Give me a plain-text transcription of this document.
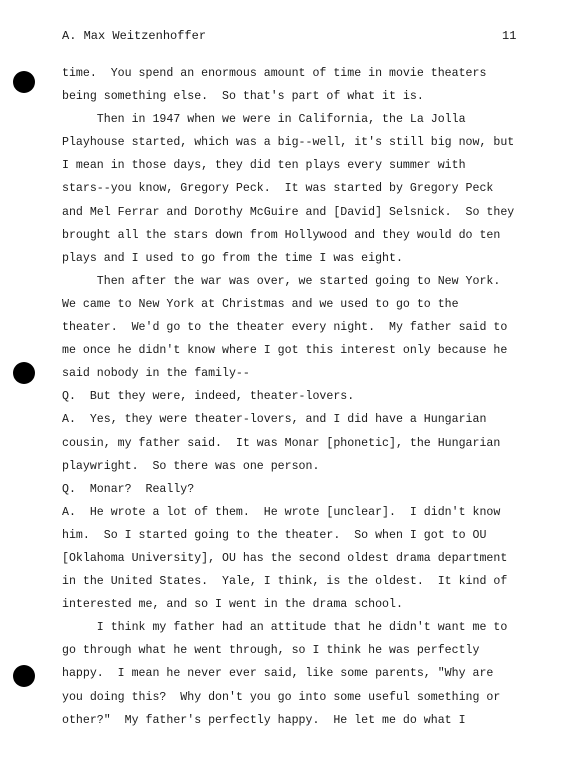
A. Max Weitzenhoffer	11
time.  You spend an enormous amount of time in movie theaters
being something else.  So that's part of what it is.
Then in 1947 when we were in California, the La Jolla
Playhouse started, which was a big--well, it's still big now, but
I mean in those days, they did ten plays every summer with
stars--you know, Gregory Peck.  It was started by Gregory Peck
and Mel Ferrar and Dorothy McGuire and [David] Selsnick.  So they
brought all the stars down from Hollywood and they would do ten
plays and I used to go from the time I was eight.
Then after the war was over, we started going to New York.
We came to New York at Christmas and we used to go to the
theater.  We'd go to the theater every night.  My father said to
me once he didn't know where I got this interest only because he
said nobody in the family--
Q.  But they were, indeed, theater-lovers.
A.  Yes, they were theater-lovers, and I did have a Hungarian
cousin, my father said.  It was Monar [phonetic], the Hungarian
playwright.  So there was one person.
Q.  Monar?  Really?
A.  He wrote a lot of them.  He wrote [unclear].  I didn't know
him.  So I started going to the theater.  So when I got to OU
[Oklahoma University], OU has the second oldest drama department
in the United States.  Yale, I think, is the oldest.  It kind of
interested me, and so I went in the drama school.
I think my father had an attitude that he didn't want me to
go through what he went through, so I think he was perfectly
happy.  I mean he never ever said, like some parents, "Why are
you doing this?  Why don't you go into some useful something or
other?"  My father's perfectly happy.  He let me do what I
